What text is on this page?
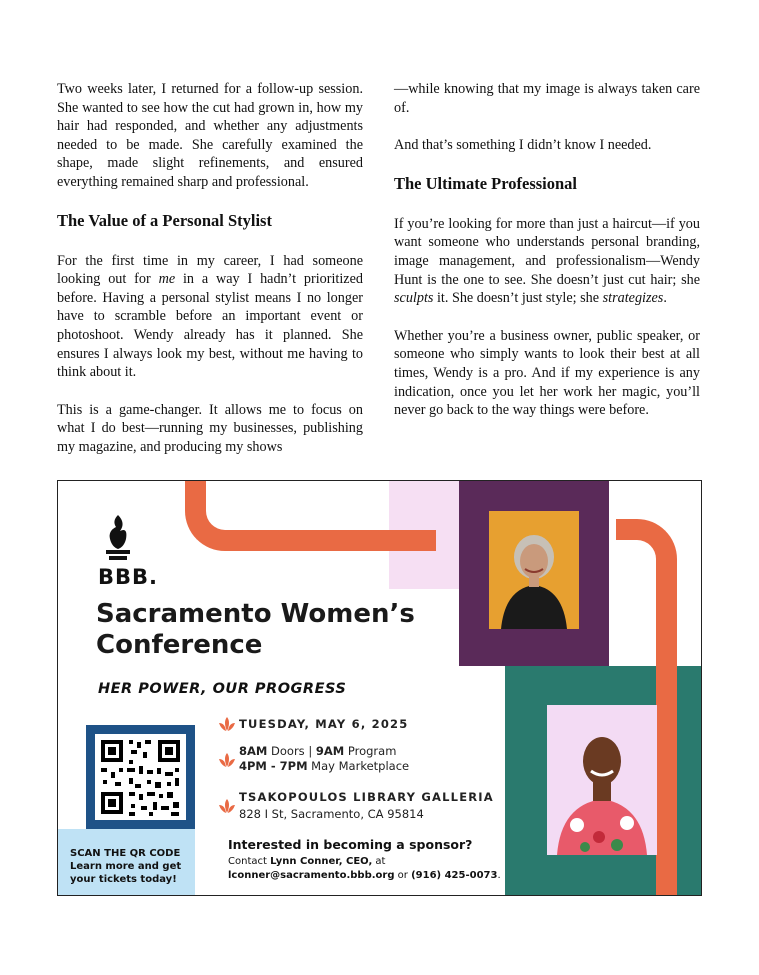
Two weeks later, I returned for a follow-up session. She wanted to see how the cut had grown in, how my hair had responded, and whether any adjustments needed to be made. She carefully examined the shape, made slight refinements, and ensured everything remained sharp and professional.

The Value of a Personal Stylist

For the first time in my career, I had someone looking out for me in a way I hadn’t prioritized before. Having a personal stylist means I no longer have to scramble before an important event or photoshoot. Wendy already has it planned. She ensures I always look my best, without me having to think about it.

This is a game-changer. It allows me to focus on what I do best—running my businesses, publishing my magazine, and producing my shows

—while knowing that my image is always taken care of.

And that’s something I didn’t know I needed.

The Ultimate Professional

If you’re looking for more than just a haircut—if you want someone who understands personal branding, image management, and professionalism—Wendy Hunt is the one to see. She doesn’t just cut hair; she sculpts it. She doesn’t just style; she strategizes.

Whether you’re a business owner, public speaker, or someone who simply wants to look their best at all times, Wendy is a pro. And if my experience is any indication, once you let her work her magic, you’ll never go back to the way things were before.

BBB.
Sacramento Women’s
Conference
HER POWER, OUR PROGRESS
TUESDAY, MAY 6, 2025
8AM Doors | 9AM Program
4PM - 7PM May Marketplace
TSAKOPOULOS LIBRARY GALLERIA
828 I St, Sacramento, CA 95814
SCAN THE QR CODE
Learn more and get
your tickets today!
Interested in becoming a sponsor?
Contact Lynn Conner, CEO, at
lconner@sacramento.bbb.org or (916) 425-0073.
